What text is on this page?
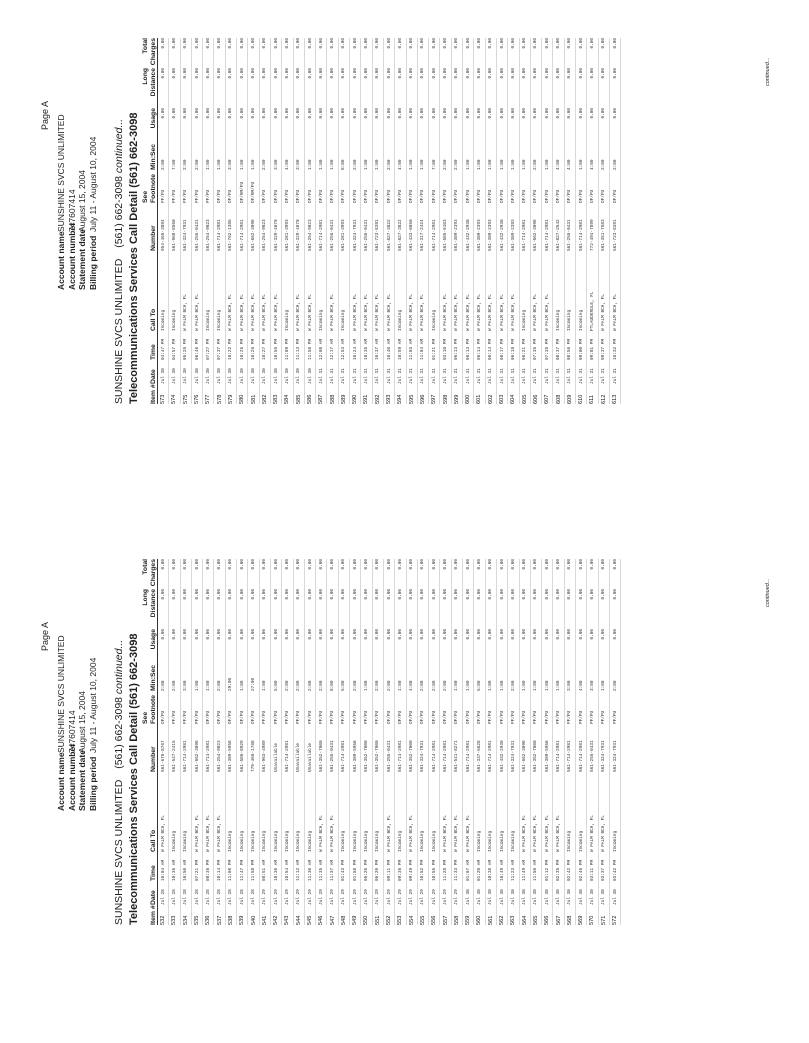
Account name
SUNSHINE SVCS UNLIMITED
Account number
747607414
Statement date
August 15, 2004
Billing period
July 11 - August 10, 2004
Page A
SUNSHINE SVCS UNLIMITED (561) 662-3098 continued... Telecommunications Services Call Detail (561) 662-3098 Item #	Date	Time	Call To	Number	See
Footnote	Min:Sec	Usage	Long
Distance	Total
Charges
532	Jul 28	10:04 AM	W PALM BCH, FL	561-676-8767	OF/FU	2:00	0.00	0.00	0.00
533	Jul 28	10:36 AM	Incoming	561-547-2415	PF/FU	2:00	0.00	0.00	0.00
534	Jul 28	10:50 AM	Incoming	561-714-2981	PF/FU	3:00	0.00	0.00	0.00
535	Jul 28	07:21 PM	W PALM BCH, FL	561-662-3098	PF/FU	1:00	0.00	0.00	0.00
536	Jul 28	08:36 PM	W PALM BCH, FL	561-714-2981	OF/FU	1:00	0.00	0.00	0.00
537	Jul 28	10:14 PM	W PALM BCH, FL	561-254-9023	OF/FU	2:00	0.00	0.00	0.00
538	Jul 28	11:08 PM	Incoming	561-309-5958	OF/FU	29:00	0.00	0.00	0.00
539	Jul 28	11:47 PM	Incoming	561-586-8929	OF/FU	1:00	0.00	0.00	0.00
540	Jul 28	11:58 PM	Incoming	770-466-1788	OF/FU	27:00	0.00	0.00	0.00
541	Jul 29	08:51 AM	Incoming	561-963-4989	PF/FU	1:00	0.00	0.00	0.00
542	Jul 29	10:36 AM	Incoming	Unavailable	PF/FU	5:00	0.00	0.00	0.00
543	Jul 29	10:54 AM	Incoming	561-714-2981	PF/FU	2:00	0.00	0.00	0.00
544	Jul 29	11:12 AM	Incoming	Unavailable	PF/FU	2:00	0.00	0.00	0.00
545	Jul 29	11:30 AM	Incoming	Unavailable	PF/FU	2:00	0.00	0.00	0.00
546	Jul 29	11:35 AM	W PALM BCH, FL	561-352-7000	PF/FU	2:00	0.00	0.00	0.00
547	Jul 29	11:37 AM	W PALM BCH, FL	561-255-0431	PF/FU	8:00	0.00	0.00	0.00
548	Jul 29	01:43 PM	Incoming	561-714-2981	PF/FU	5:00	0.00	0.00	0.00
549	Jul 29	01:58 PM	Incoming	561-309-5958	PF/FU	2:00	0.00	0.00	0.00
550	Jul 29	05:20 PM	Incoming	561-352-7000	PF/FU	1:00	0.00	0.00	0.00
551	Jul 29	06:20 PM	Incoming	561-352-7000	PF/FU	2:00	0.00	0.00	0.00
552	Jul 29	09:11 PM	W PALM BCH, FL	561-255-0431	OF/FU	2:00	0.00	0.00	0.00
553	Jul 29	09:36 PM	Incoming	561-714-2981	OF/FU	1:00	0.00	0.00	0.00
554	Jul 29	09:49 PM	W PALM BCH, FL	561-352-7000	OF/FU	4:00	0.00	0.00	0.00
555	Jul 29	10:52 PM	Incoming	561-324-7931	OF/FU	2:00	0.00	0.00	0.00
556	Jul 29	10:55 PM	Incoming	561-714-2981	OF/FU	2:00	0.00	0.00	0.00
557	Jul 29	11:28 PM	W PALM BCH, FL	561-714-2981	OF/FU	2:00	0.00	0.00	0.00
558	Jul 29	11:33 PM	W PALM BCH, FL	561-541-8271	OF/FU	1:00	0.00	0.00	0.00
559	Jul 30	01:07 AM	W PALM BCH, FL	561-714-2981	OF/FU	1:00	0.00	0.00	0.00
560	Jul 30	01:20 AM	Incoming	561-337-5628	OF/FU	5:00	0.00	0.00	0.00
561	Jul 30	10:38 AM	Incoming	561-714-2981	PF/FU	1:00	0.00	0.00	0.00
562	Jul 30	10:49 AM	Incoming	561-432-2930	PF/FU	1:00	0.00	0.00	0.00
563	Jul 30	11:23 AM	Incoming	561-324-7931	PF/FU	2:00	0.00	0.00	0.00
564	Jul 30	11:49 AM	W PALM BCH, FL	561-662-3098	PF/FU	1:00	0.00	0.00	0.00
565	Jul 30	11:50 AM	W PALM BCH, FL	561-352-7000	PF/FU	1:00	0.00	0.00	0.00
566	Jul 30	01:12 PM	W PALM BCH, FL	561-309-5958	PF/FU	1:00	0.00	0.00	0.00
567	Jul 30	02:35 PM	W PALM BCH, FL	561-714-2981	PF/FU	1:00	0.00	0.00	0.00
568	Jul 30	02:42 PM	Incoming	561-714-2981	PF/FU	3:00	0.00	0.00	0.00
569	Jul 30	02:46 PM	Incoming	561-714-2981	PF/FU	4:00	0.00	0.00	0.00
570	Jul 30	03:11 PM	W PALM BCH, FL	561-255-0431	PF/FU	3:00	0.00	0.00	0.00
571	Jul 30	03:37 PM	W PALM BCH, FL	561-324-7931	PF/FU	1:00	0.00	0.00	0.00
572	Jul 30	03:42 PM	Incoming	561-324-7931	PF/FU	2:00	0.00	0.00	0.00
continued...
Account name
SUNSHINE SVCS UNLIMITED
Account number
747607414
Statement date
August 15, 2004
Billing period
July 11 - August 10, 2004
Page A
SUNSHINE SVCS UNLIMITED (561) 662-3098 continued... Telecommunications Services Call Detail (561) 662-3098 Item #	Date	Time	Call To	Number	See
Footnote	Min:Sec	Usage	Long
Distance	Total
Charges
573	Jul 30	04:47 PM	Incoming	954-465-3894	PF/FU	2:00	0.00	0.00	0.00
574	Jul 30	04:57 PM	Incoming	561-968-8560	PF/FU	7:00	0.00	0.00	0.00
575	Jul 30	05:25 PM	W PALM BCH, FL	561-324-7931	PF/FU	2:00	0.00	0.00	0.00
576	Jul 30	06:46 PM	W PALM BCH, FL	561-255-0431	PF/FU	2:00	0.00	0.00	0.00
577	Jul 30	07:27 PM	Incoming	561-254-9023	PF/FU	1:00	0.00	0.00	0.00
578	Jul 30	07:37 PM	Incoming	561-714-2981	OF/FU	1:00	0.00	0.00	0.00
579	Jul 30	10:22 PM	W PALM BCH, FL	561-762-1385	OF/FU	3:00	0.00	0.00	0.00
580	Jul 30	10:25 PM	W PALM BCH, FL	561-714-2981	OF/RM/FU	1:00	0.00	0.00	0.00
581	Jul 30	10:26 PM	W PALM BCH, FL	561-662-3098	OF/RM/FU	1:00	0.00	0.00	0.00
582	Jul 30	10:27 PM	W PALM BCH, FL	561-254-9023	OF/FU	2:00	0.00	0.00	0.00
583	Jul 30	10:55 PM	W PALM BCH, FL	561-329-4070	OF/FU	3:00	0.00	0.00	0.00
584	Jul 30	11:09 PM	Incoming	561-281-3993	OF/FU	4:00	0.00	0.00	0.00
585	Jul 30	11:13 PM	W PALM BCH, FL	561-329-4070	OF/FU	3:00	0.00	0.00	0.00
586	Jul 30	11:58 PM	W PALM BCH, FL	561-254-9023	OF/FU	1:00	0.00	0.00	0.00
587	Jul 31	12:08 AM	Incoming	561-714-2981	OF/FU	1:00	0.00	0.00	0.00
588	Jul 31	12:17 AM	W PALM BCH, FL	561-255-0431	OF/FU	1:00	0.00	0.00	0.00
589	Jul 31	12:53 AM	Incoming	561-281-3993	OF/FU	8:00	0.00	0.00	0.00
590	Jul 31	10:24 AM	W PALM BCH, FL	561-324-7931	OF/FU	2:00	0.00	0.00	0.00
591	Jul 31	10:35 AM	W PALM BCH, FL	561-255-0431	OF/FU	1:00	0.00	0.00	0.00
592	Jul 31	10:37 AM	W PALM BCH, FL	561-723-8391	OF/FU	1:00	0.00	0.00	0.00
593	Jul 31	10:40 AM	W PALM BCH, FL	561-827-3822	OF/FU	2:00	0.00	0.00	0.00
594	Jul 31	10:59 AM	Incoming	561-827-3822	OF/FU	4:00	0.00	0.00	0.00
595	Jul 31	11:03 AM	W PALM BCH, FL	561-433-0850	OF/FU	1:00	0.00	0.00	0.00
596	Jul 31	11:04 AM	W PALM BCH, FL	561-317-2424	OF/FU	1:00	0.00	0.00	0.00
597	Jul 31	01:21 PM	Incoming	561-714-2981	OF/FU	7:00	0.00	0.00	0.00
598	Jul 31	03:10 PM	W PALM BCH, FL	561-585-6103	OF/FU	2:00	0.00	0.00	0.00
599	Jul 31	06:13 PM	W PALM BCH, FL	561-309-2393	OF/FU	2:00	0.00	0.00	0.00
600	Jul 31	06:13 PM	W PALM BCH, FL	561-432-2930	OF/FU	1:00	0.00	0.00	0.00
601	Jul 31	06:14 PM	W PALM BCH, FL	561-309-2393	OF/FU	1:00	0.00	0.00	0.00
602	Jul 31	06:14 PM	W PALM BCH, FL	561-309-2393	OF/FU	1:00	0.00	0.00	0.00
603	Jul 31	06:17 PM	W PALM BCH, FL	561-432-2930	OF/FU	1:00	0.00	0.00	0.00
604	Jul 31	06:18 PM	W PALM BCH, FL	561-309-2393	OF/FU	1:00	0.00	0.00	0.00
605	Jul 31	06:21 PM	Incoming	561-714-2981	OF/FU	1:00	0.00	0.00	0.00
606	Jul 31	07:35 PM	W PALM BCH, FL	561-662-3098	OF/FU	2:00	0.00	0.00	0.00
607	Jul 31	07:35 PM	W PALM BCH, FL	561-714-2981	OF/FU	1:00	0.00	0.00	0.00
608	Jul 31	08:37 PM	Incoming	561-827-2542	OF/FU	4:00	0.00	0.00	0.00
609	Jul 31	08:56 PM	Incoming	561-255-0431	OF/FU	4:00	0.00	0.00	0.00
610	Jul 31	09:00 PM	Incoming	561-714-2981	OF/FU	1:00	0.00	0.00	0.00
611	Jul 31	09:01 PM	FTLAUDERDLE, FL	772-494-7899	OF/FU	4:00	0.00	0.00	0.00
612	Jul 31	09:37 PM	W PALM BCH, FL	561-351-7683	OF/FU	2:00	0.00	0.00	0.00
613	Jul 31	10:32 PM	W PALM BCH, FL	561-723-8391	OF/FU	2:00	0.00	0.00	0.00
continued...
